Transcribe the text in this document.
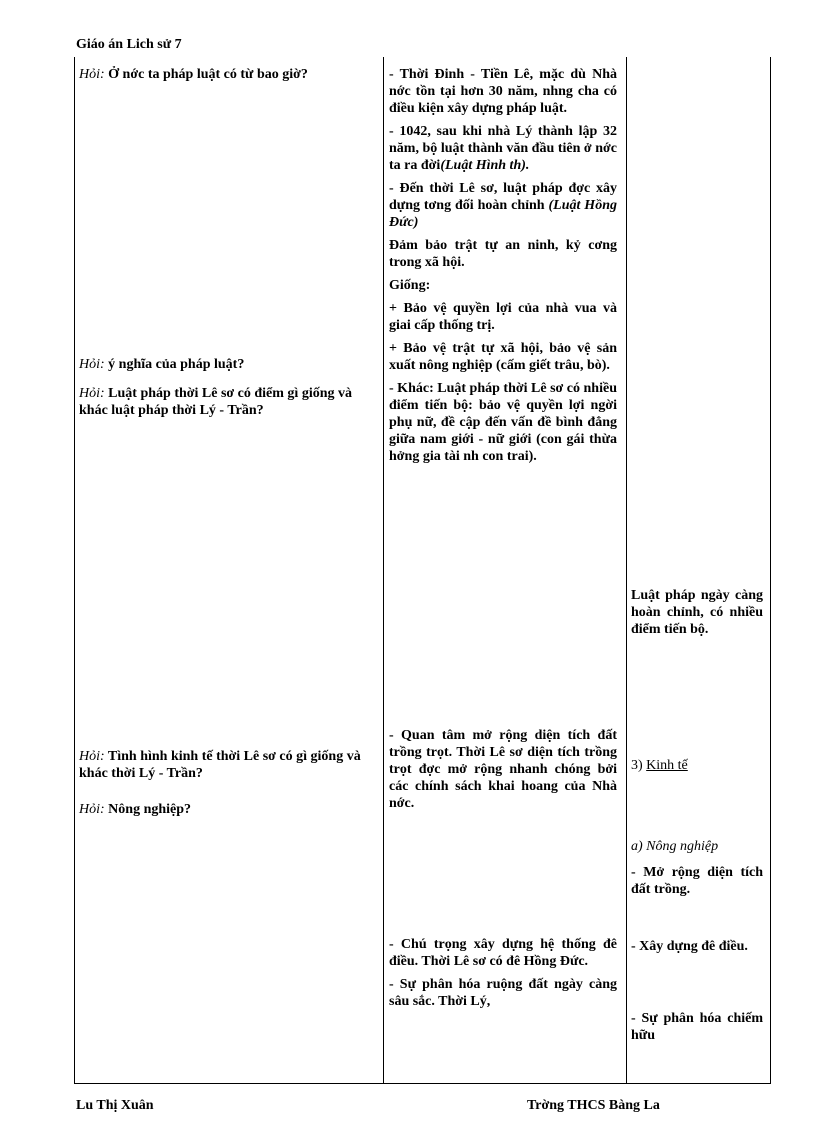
Giáo án Lich sử 7
Hỏi: Ở nớc ta pháp luật có từ bao giờ?
Hỏi: ý nghĩa của pháp luật?
Hỏi: Luật pháp thời Lê sơ có điểm gì giống và khác luật pháp thời Lý - Trần?
Hỏi: Tình hình kinh tế thời Lê sơ có gì giống và khác thời Lý - Trần?
Hỏi: Nông nghiệp?

- Thời Đinh - Tiền Lê, mặc dù Nhà nớc tồn tại hơn 30 năm, nhng cha có điều kiện xây dựng pháp luật.

- 1042, sau khi nhà Lý thành lập 32 năm, bộ luật thành văn đầu tiên ở nớc ta ra đời(Luật Hình th).

- Đến thời Lê sơ, luật pháp đợc xây dựng tơng đối hoàn chỉnh (Luật Hồng Đức)

Đảm bảo trật tự an ninh, kỷ cơng trong xã hội.

Giống:

+ Bảo vệ quyền lợi của nhà vua và giai cấp thống trị.

+ Bảo vệ trật tự xã hội, bảo vệ sản xuất nông nghiệp (cấm giết trâu, bò).

- Khác: Luật pháp thời Lê sơ có nhiều điểm tiến bộ: bảo vệ quyền lợi ngời phụ nữ, đề cập đến vấn đề bình đẳng giữa nam giới - nữ giới (con gái thừa hởng gia tài nh con trai).

- Quan tâm mở rộng diện tích đất trồng trọt. Thời Lê sơ diện tích trồng trọt đợc mở rộng nhanh chóng bởi các chính sách khai hoang của Nhà nớc.

- Chú trọng xây dựng hệ thống đê điều. Thời Lê sơ có đê Hồng Đức.

- Sự phân hóa ruộng đất ngày càng sâu sắc. Thời Lý,

Luật pháp ngày càng hoàn chỉnh, có nhiều điểm tiến bộ.
3) Kinh tế
a) Nông nghiệp
- Mở rộng diện tích đất trồng.
- Xây dựng đê điều.
- Sự phân hóa chiếm hữu
Lu Thị Xuân	Trờng THCS Bàng La
